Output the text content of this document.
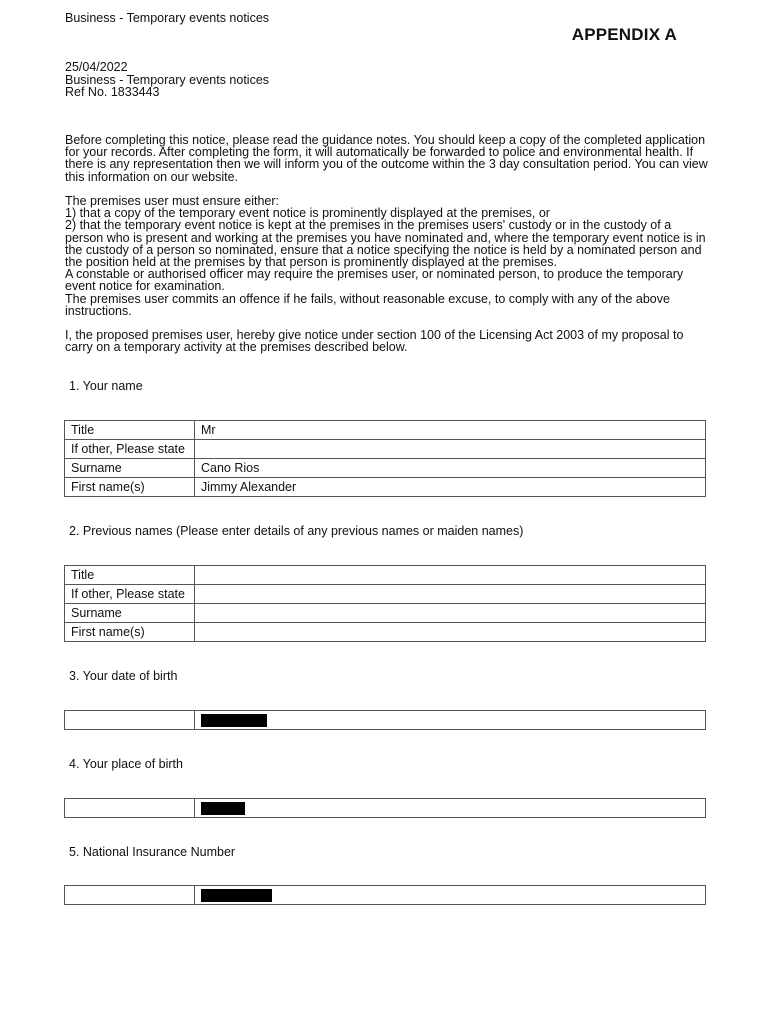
Business - Temporary events notices
APPENDIX A
25/04/2022
Business - Temporary events notices
Ref No. 1833443

Before completing this notice, please read the guidance notes. You should keep a copy of the completed application for your records. After completing the form, it will automatically be forwarded to police and environmental health. If there is any representation then we will inform you of the outcome within the 3 day consultation period. You can view this information on our website.

The premises user must ensure either:

1) that a copy of the temporary event notice is prominently displayed at the premises, or

2) that the temporary event notice is kept at the premises in the premises users' custody or in the custody of a person who is present and working at the premises you have nominated and, where the temporary event notice is in the custody of a person so nominated, ensure that a notice specifying the notice is held by a nominated person and the position held at the premises by that person is prominently displayed at the premises.

A constable or authorised officer may require the premises user, or nominated person, to produce the temporary event notice for examination.

The premises user commits an offence if he fails, without reasonable excuse, to comply with any of the above instructions.

I, the proposed premises user, hereby give notice under section 100 of the Licensing Act 2003 of my proposal to carry on a temporary activity at the premises described below.

1. Your name
Title	Mr
If other, Please state	
Surname	Cano Rios
First name(s)	Jimmy Alexander
2. Previous names (Please enter details of any previous names or maiden names)
Title	
If other, Please state	
Surname	
First name(s)	
3. Your date of birth

4. Your place of birth

5. National Insurance Number
